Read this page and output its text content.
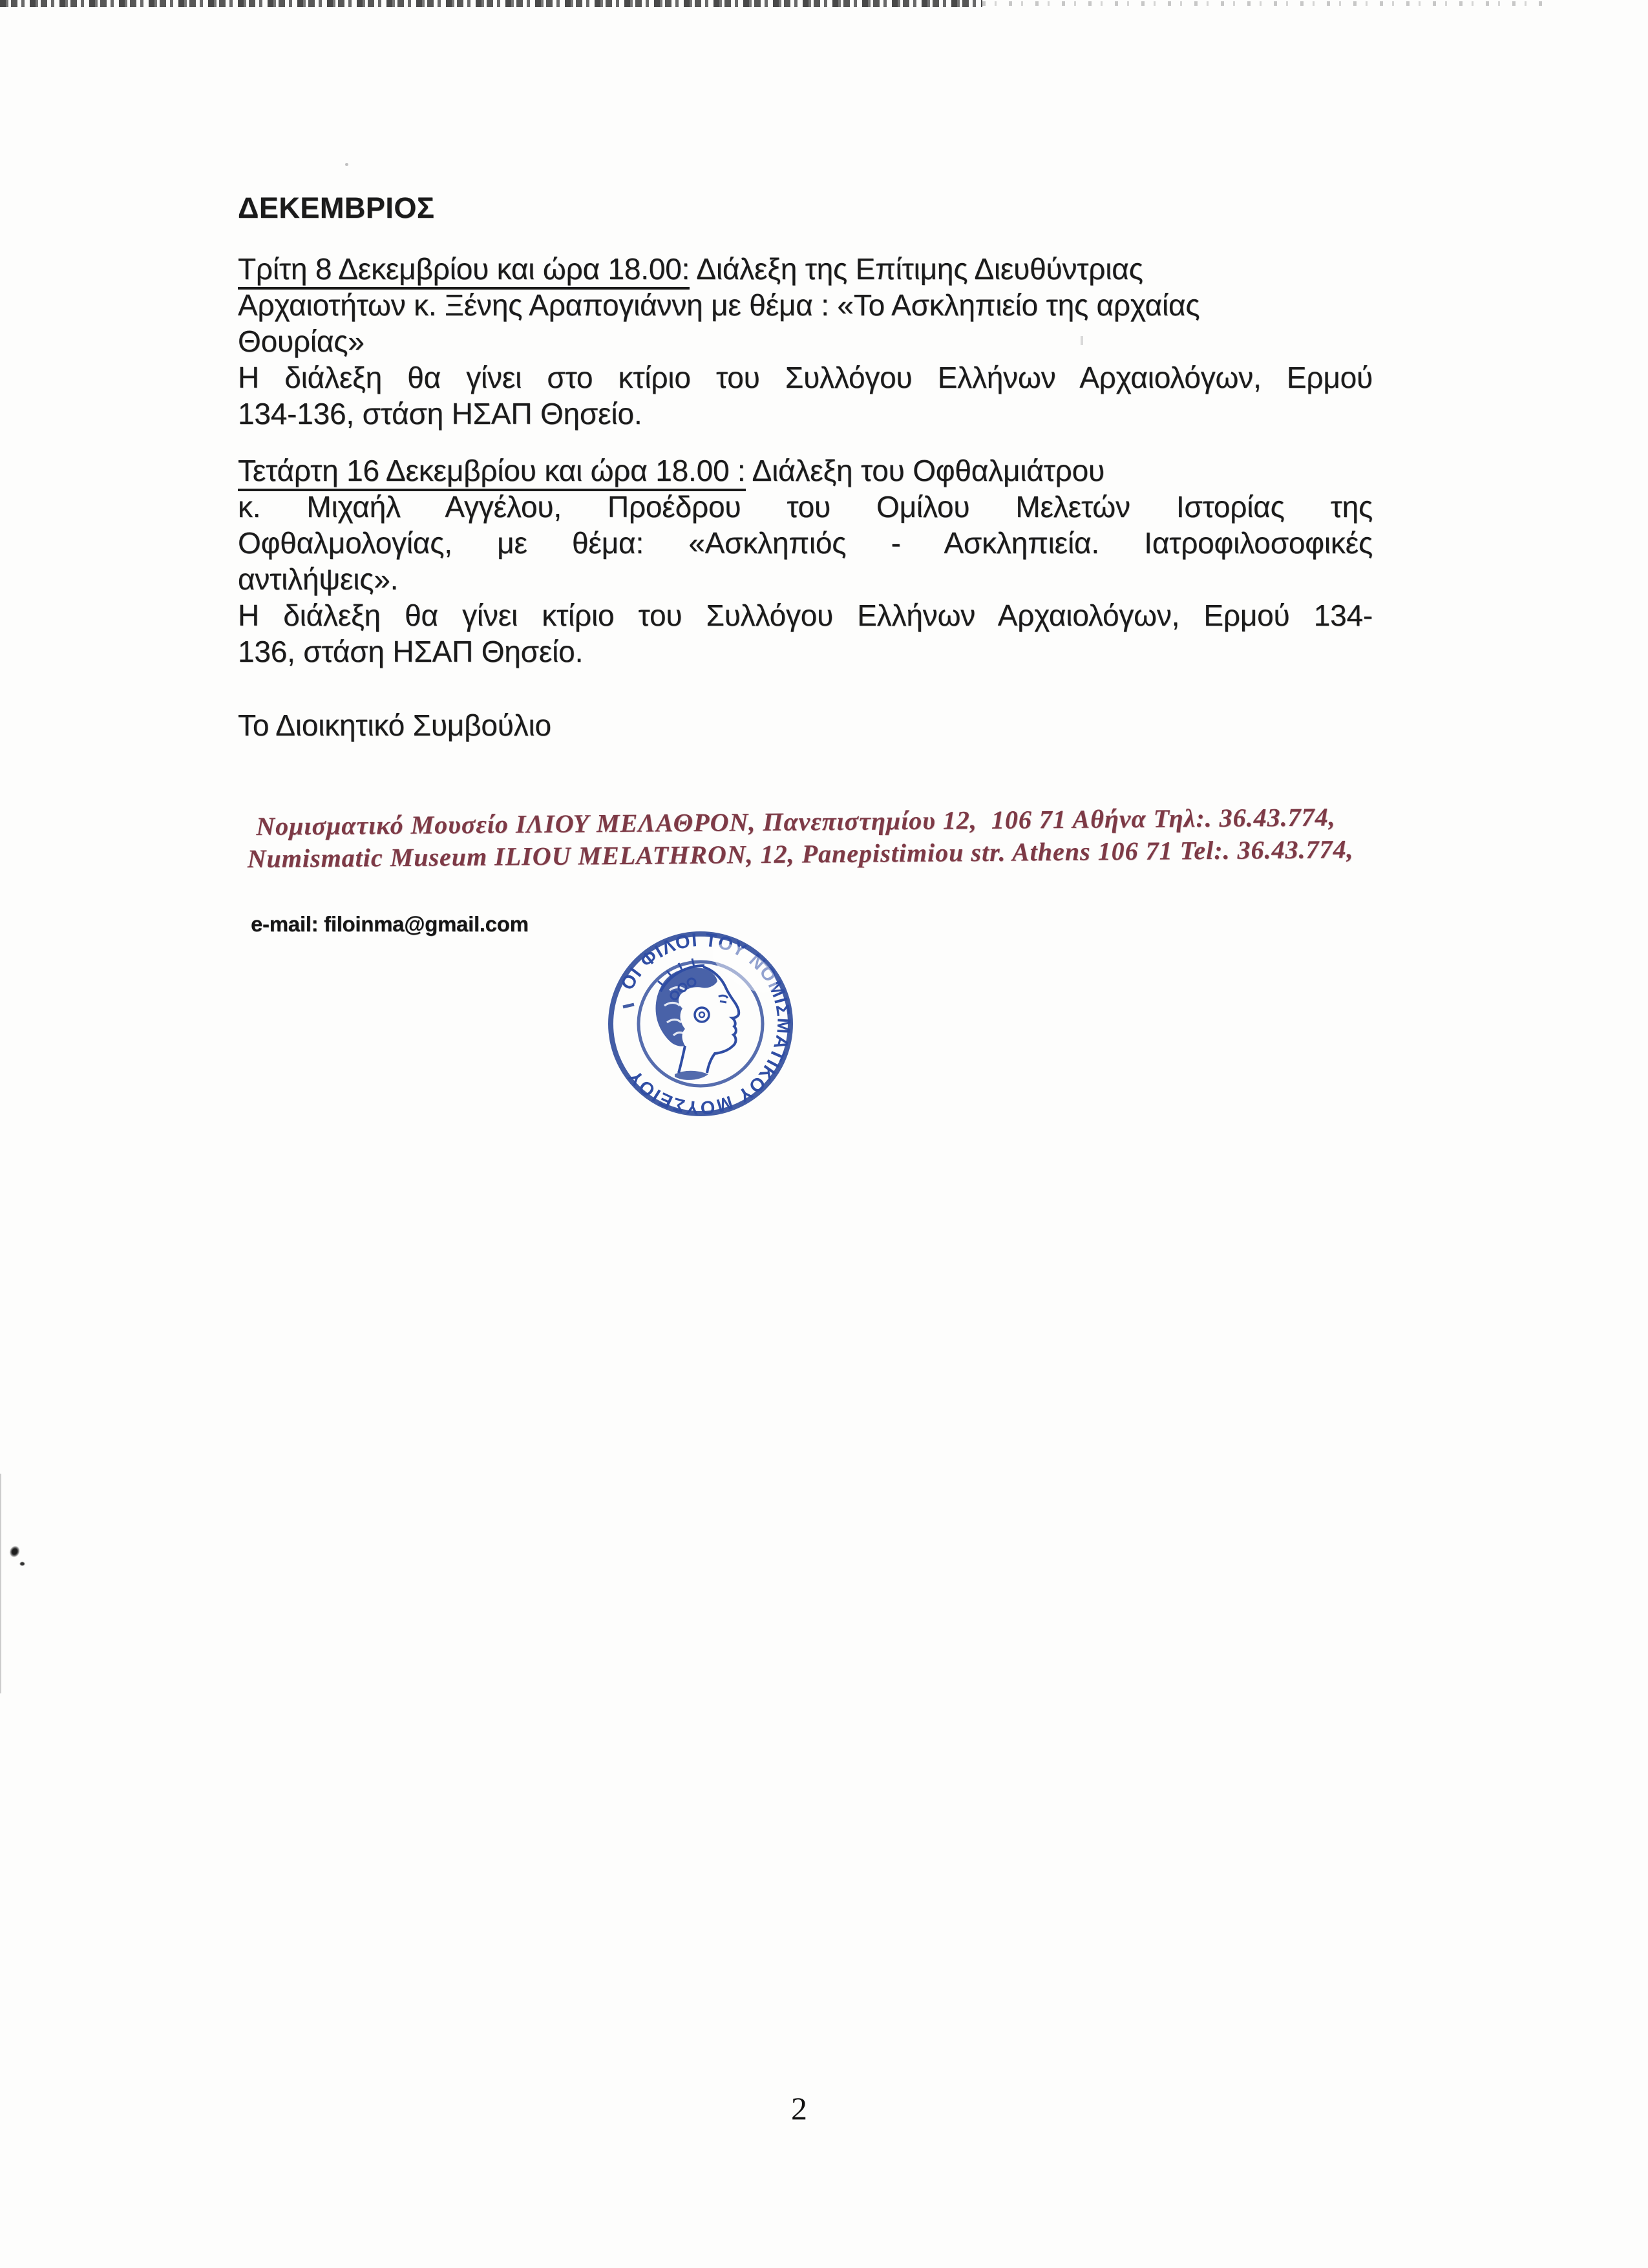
ΔΕΚΕΜΒΡΙΟΣ
Τρίτη 8 Δεκεμβρίου και ώρα 18.00: Διάλεξη της Επίτιμης Διευθύντριας
Αρχαιοτήτων κ. Ξένης Αραπογιάννη με θέμα : «Το Ασκληπιείο της αρχαίας
Θουρίας»
Η διάλεξη θα γίνει στο κτίριο του Συλλόγου Ελλήνων Αρχαιολόγων, Ερμού
134-136, στάση ΗΣΑΠ Θησείο.
Τετάρτη 16 Δεκεμβρίου και ώρα 18.00 : Διάλεξη του Οφθαλμιάτρου
κ. Μιχαήλ Αγγέλου, Προέδρου του Ομίλου Μελετών Ιστορίας της
Οφθαλμολογίας, με θέμα: «Ασκληπιός - Ασκληπιεία. Ιατροφιλοσοφικές
αντιλήψεις».
Η διάλεξη θα γίνει κτίριο του Συλλόγου Ελλήνων Αρχαιολόγων, Ερμού 134-
136, στάση ΗΣΑΠ Θησείο.
Το Διοικητικό Συμβούλιο
Νομισματικό Μουσείο ΙΛΙΟΥ ΜΕΛΑΘΡΟΝ, Πανεπιστημίου 12,  106 71 Αθήνα Τηλ:. 36.43.774,
Numismatic Museum ILIOU MELATHRON, 12, Panepistimiou str. Athens 106 71 Tel:. 36.43.774,
e-mail: filoinma@gmail.com
ΟΙ ΦΙΛΟΙ ΤΟΥ ΝΟΜΙΣΜΑΤΙΚΟΥ ΜΟΥΣΕΙΟΥ
2
